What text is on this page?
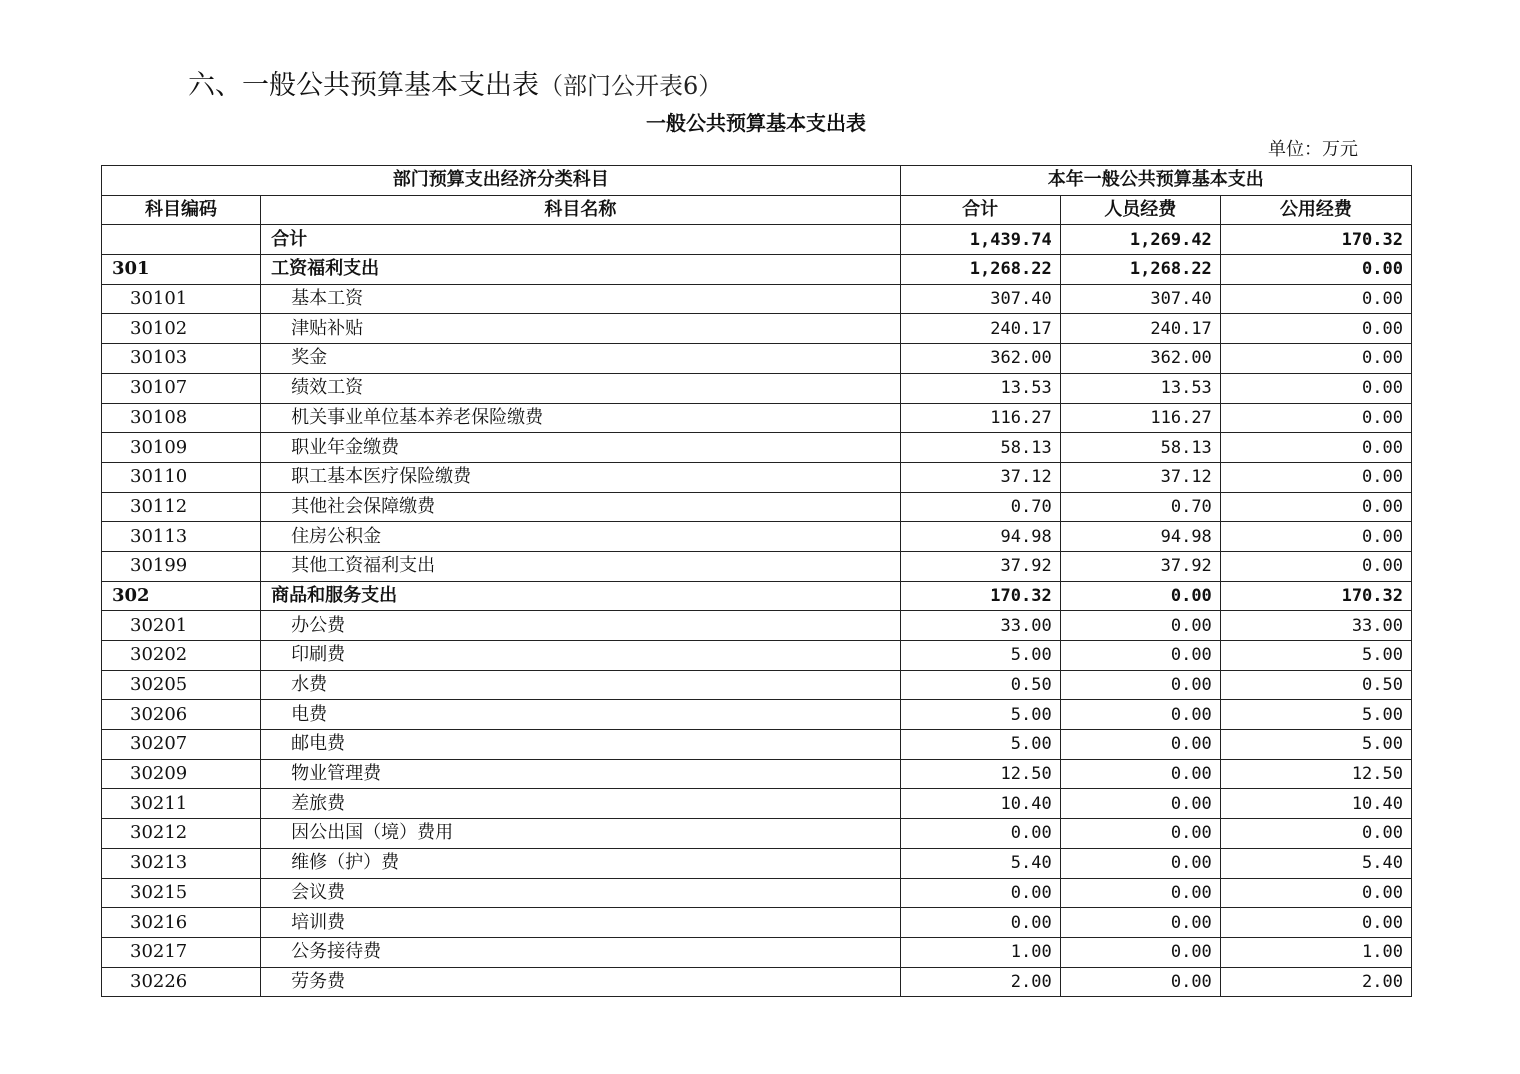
六、一般公共预算基本支出表（部门公开表6）
一般公共预算基本支出表
单位：万元
部门预算支出经济分类科目		本年一般公共预算基本支出		
科目编码	科目名称	合计	人员经费	公用经费
	合计	1,439.74	1,269.42	170.32
301	工资福利支出	1,268.22	1,268.22	0.00
30101	基本工资	307.40	307.40	0.00
30102	津贴补贴	240.17	240.17	0.00
30103	奖金	362.00	362.00	0.00
30107	绩效工资	13.53	13.53	0.00
30108	机关事业单位基本养老保险缴费	116.27	116.27	0.00
30109	职业年金缴费	58.13	58.13	0.00
30110	职工基本医疗保险缴费	37.12	37.12	0.00
30112	其他社会保障缴费	0.70	0.70	0.00
30113	住房公积金	94.98	94.98	0.00
30199	其他工资福利支出	37.92	37.92	0.00
302	商品和服务支出	170.32	0.00	170.32
30201	办公费	33.00	0.00	33.00
30202	印刷费	5.00	0.00	5.00
30205	水费	0.50	0.00	0.50
30206	电费	5.00	0.00	5.00
30207	邮电费	5.00	0.00	5.00
30209	物业管理费	12.50	0.00	12.50
30211	差旅费	10.40	0.00	10.40
30212	因公出国（境）费用	0.00	0.00	0.00
30213	维修（护）费	5.40	0.00	5.40
30215	会议费	0.00	0.00	0.00
30216	培训费	0.00	0.00	0.00
30217	公务接待费	1.00	0.00	1.00
30226	劳务费	2.00	0.00	2.00
